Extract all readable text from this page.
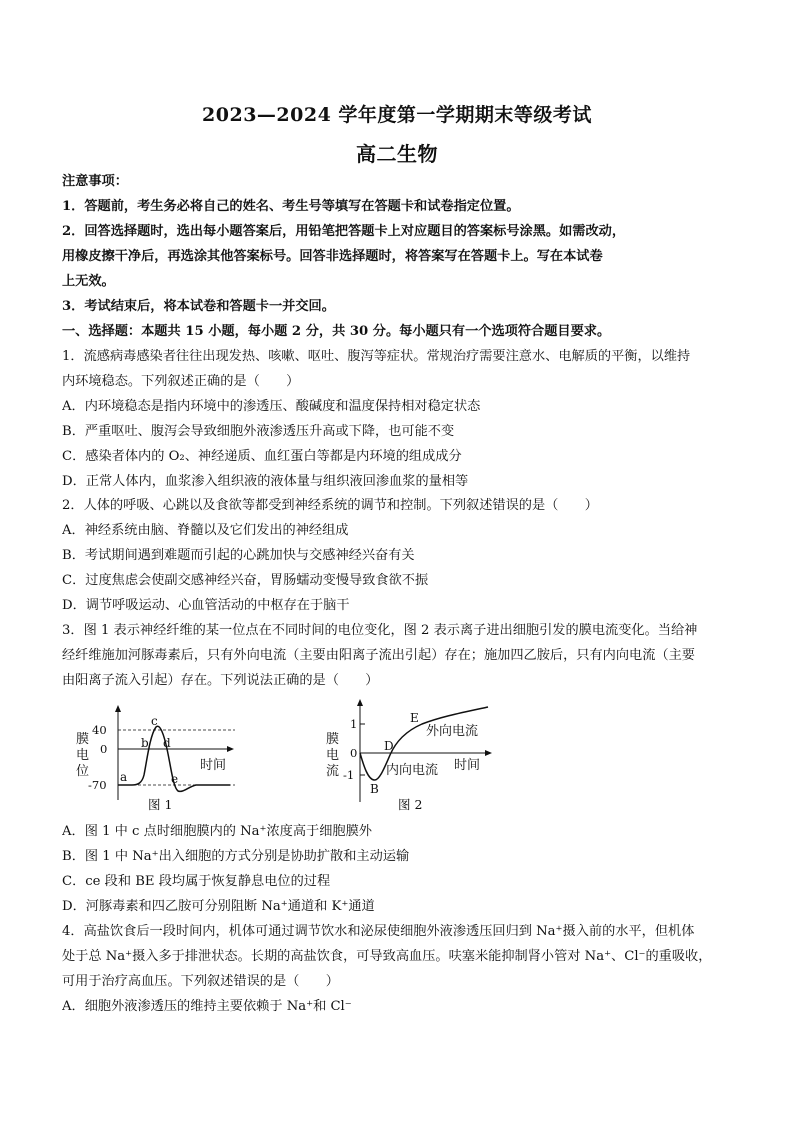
2023—2024 学年度第一学期期末等级考试
高二生物
注意事项：
1．答题前，考生务必将自己的姓名、考生号等填写在答题卡和试卷指定位置。
2．回答选择题时，选出每小题答案后，用铅笔把答题卡上对应题目的答案标号涂黑。如需改动，
用橡皮擦干净后，再选涂其他答案标号。回答非选择题时，将答案写在答题卡上。写在本试卷
上无效。
3．考试结束后，将本试卷和答题卡一并交回。
一、选择题：本题共 15 小题，每小题 2 分，共 30 分。每小题只有一个选项符合题目要求。
1．流感病毒感染者往往出现发热、咳嗽、呕吐、腹泻等症状。常规治疗需要注意水、电解质的平衡，以维持
内环境稳态。下列叙述正确的是（　　）
A．内环境稳态是指内环境中的渗透压、酸碱度和温度保持相对稳定状态
B．严重呕吐、腹泻会导致细胞外液渗透压升高或下降，也可能不变
C．感染者体内的 O₂、神经递质、血红蛋白等都是内环境的组成成分
D．正常人体内，血浆渗入组织液的液体量与组织液回渗血浆的量相等
2．人体的呼吸、心跳以及食欲等都受到神经系统的调节和控制。下列叙述错误的是（　　）
A．神经系统由脑、脊髓以及它们发出的神经组成
B．考试期间遇到难题而引起的心跳加快与交感神经兴奋有关
C．过度焦虑会使副交感神经兴奋，胃肠蠕动变慢导致食欲不振
D．调节呼吸运动、心血管活动的中枢存在于脑干
3．图 1 表示神经纤维的某一位点在不同时间的电位变化，图 2 表示离子进出细胞引发的膜电流变化。当给神
经纤维施加河豚毒素后，只有外向电流（主要由阳离子流出引起）存在；施加四乙胺后，只有内向电流（主要
由阳离子流入引起）存在。下列说法正确的是（　　）
膜
电
位
40
0
-70
a
b
c
d
e
时间
图 1
膜
电
流
1
0
-1
B
D
E
外向电流
内向电流 时间
图 2
A．图 1 中 c 点时细胞膜内的 Na⁺浓度高于细胞膜外
B．图 1 中 Na⁺出入细胞的方式分别是协助扩散和主动运输
C．ce 段和 BE 段均属于恢复静息电位的过程
D．河豚毒素和四乙胺可分别阻断 Na⁺通道和 K⁺通道
4．高盐饮食后一段时间内，机体可通过调节饮水和泌尿使细胞外液渗透压回归到 Na⁺摄入前的水平，但机体
处于总 Na⁺摄入多于排泄状态。长期的高盐饮食，可导致高血压。呋塞米能抑制肾小管对 Na⁺、Cl⁻的重吸收，
可用于治疗高血压。下列叙述错误的是（　　）
A．细胞外液渗透压的维持主要依赖于 Na⁺和 Cl⁻
